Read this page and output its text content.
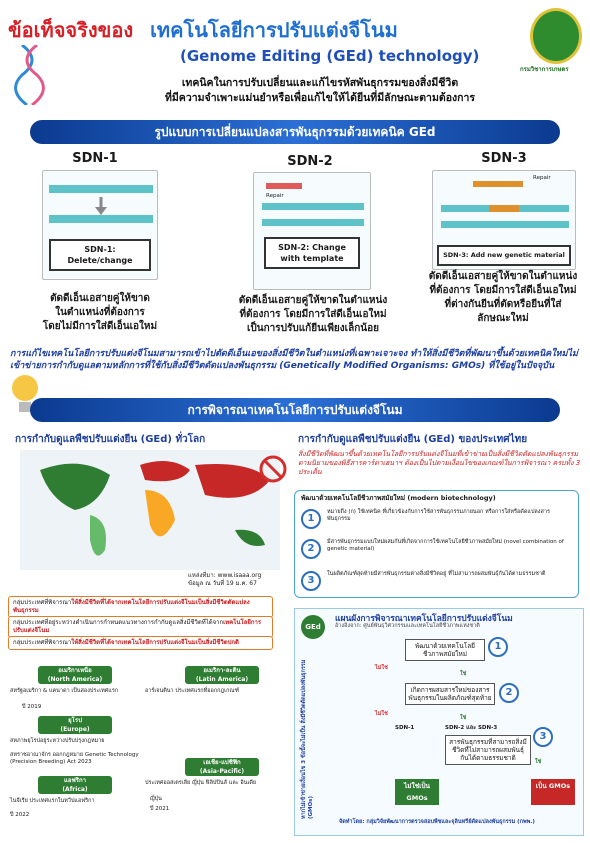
ข้อเท็จจริงของ เทคโนโลยีการปรับแต่งจีโนม
(Genome Editing (GEd) technology)
เทคนิคในการปรับเปลี่ยนและแก้ไขรหัสพันธุกรรมของสิ่งมีชีวิต
ที่มีความจำเพาะแม่นยำหรือเพื่อแก้ไขให้ได้ยีนที่มีลักษณะตามต้องการ
กรมวิชาการเกษตร
รูปแบบการเปลี่ยนแปลงสารพันธุกรรมด้วยเทคนิค GEd
SDN-1
SDN-1:
Delete/change
ตัดดีเอ็นเอสายคู่ให้ขาด
ในตำแหน่งที่ต้องการ
โดยไม่มีการใส่ดีเอ็นเอใหม่
SDN-2
Repair
SDN-2: Change
with template
ตัดดีเอ็นเอสายคู่ให้ขาดในตำแหน่ง
ที่ต้องการ โดยมีการใส่ดีเอ็นเอใหม่
เป็นการปรับแก้ยีนเพียงเล็กน้อย
SDN-3
Repair
SDN-3: Add new genetic material
ตัดดีเอ็นเอสายคู่ให้ขาดในตำแหน่ง
ที่ต้องการ โดยมีการใส่ดีเอ็นเอใหม่
ที่ต่างกันยีนที่ตัดหรือยีนที่ใส่
ลักษณะใหม่
การแก้ไขเทคโนโลยีการปรับแต่งจีโนมสามารถเข้าไปตัดดีเอ็นเอของสิ่งมีชีวิตในตำแหน่งที่เฉพาะเจาะจง ทำให้สิ่งมีชีวิตที่พัฒนาขึ้นด้วยเทคนิคใหม่ไม่เข้าข่ายการกำกับดูแลตามหลักการที่ใช้กับสิ่งมีชีวิตดัดแปลงพันธุกรรม (Genetically Modified Organisms: GMOs) ที่ใช้อยู่ในปัจจุบัน
การพิจารณาเทคโนโลยีการปรับแต่งจีโนม
การกำกับดูแลพืชปรับแต่งยีน (GEd) ทั่วโลก
แหล่งที่มา: www.isaaa.org
ข้อมูล ณ วันที่ 19 ม.ค. 67
กลุ่มประเทศที่พิจารณาให้สิ่งมีชีวิตที่ได้จากเทคโนโลยีการปรับแต่งจีโนมเป็นสิ่งมีชีวิตดัดแปลงพันธุกรรม
กลุ่มประเทศที่อยู่ระหว่างดำเนินการกำหนดแนวทางการกำกับดูแลสิ่งมีชีวิตที่ได้จากเทคโนโลยีการปรับแต่งจีโนม
กลุ่มประเทศที่พิจารณาให้สิ่งมีชีวิตที่ได้จากเทคโนโลยีการปรับแต่งจีโนมเป็นสิ่งมีชีวิตปกติ
อเมริกาเหนือ
(North America)
สหรัฐอเมริกา & แคนาดา เป็นสองประเทศแรก
ปี 2019
ยุโรป
(Europe)
สหภาพยุโรปอยู่ระหว่างปรับปรุงกฎหมาย
สหราชอาณาจักร ออกกฎหมาย Genetic Technology (Precision Breeding) Act 2023
แอฟริกา
(Africa)
ไนจีเรีย ประเทศแรกในทวีปแอฟริกา
ปี 2022
อเมริกา-ละติน
(Latin America)
อาร์เจนตินา ประเทศแรกที่ออกกฎเกณฑ์
เอเชีย-แปซิฟิก
(Asia-Pacific)
ประเทศออสเตรเลีย ญี่ปุ่น ฟิลิปปินส์ และ อินเดีย
ญี่ปุ่น
ปี 2021
การกำกับดูแลพืชปรับแต่งยีน (GEd) ของประเทศไทย
สิ่งมีชีวิตที่พัฒนาขึ้นด้วยเทคโนโลยีการปรับแต่งจีโนมที่เข้าข่ายเป็นสิ่งมีชีวิตดัดแปลงพันธุกรรม ตามนิยามของพิธีสารคาร์ตาเฮนาฯ ต้องเป็นไปตามเงื่อนไขของเกณฑ์ในการพิจารณา ครบทั้ง 3 ประเด็น
พัฒนาด้วยเทคโนโลยีชีวภาพสมัยใหม่ (modern biotechnology)
1
หมายถึง (ก) ใช้เทคนิค ที่เกี่ยวข้องกับการใช้สารพันธุกรรมภายนอก หรือการใส่หรือดัดแปลงสารพันธุกรรม
2
มีสารพันธุกรรมแบบใหม่ผสมกันที่เกิดจากการใช้เทคโนโลยีชีวภาพสมัยใหม่ (novel combination of genetic material)
3
ในผลิตภัณฑ์สุดท้ายมีสารพันธุกรรมต่างสิ่งมีชีวิตอยู่ ที่ไม่สามารถผสมพันธุ์กันได้ตามธรรมชาติ
แผนผังการพิจารณาเทคโนโลยีการปรับแต่งจีโนม
อ้างอิงจาก: ศูนย์พันธุวิศวกรรมและเทคโนโลยีชีวภาพแห่งชาติ
GEd
หากไม่เข้าข่ายเงื่อนไข 3 ข้อนี้จะไม่เป็น สิ่งมีชีวิตดัดแปลงพันธุกรรม (GMOs)
พัฒนาด้วยเทคโนโลยีชีวภาพสมัยใหม่
1
ไม่ใช่
ใช่
เกิดการผสมสารใหม่ของสารพันธุกรรมในผลิตภัณฑ์สุดท้าย	2
ไม่ใช่
ใช่
SDN-1	SDN-2 และ SDN-3
สารพันธุกรรมที่สามารถสิ่งมีชีวิตที่ไม่สามารถผสมพันธุ์กันได้ตามธรรมชาติ
3
ใช่
ไม่ใช่เป็น GMOs
เป็น GMOs
จัดทำโดย: กลุ่มวิจัยพัฒนาการตรวจสอบพืชและจุลินทรีย์ดัดแปลงพันธุกรรม (กพพ.)
